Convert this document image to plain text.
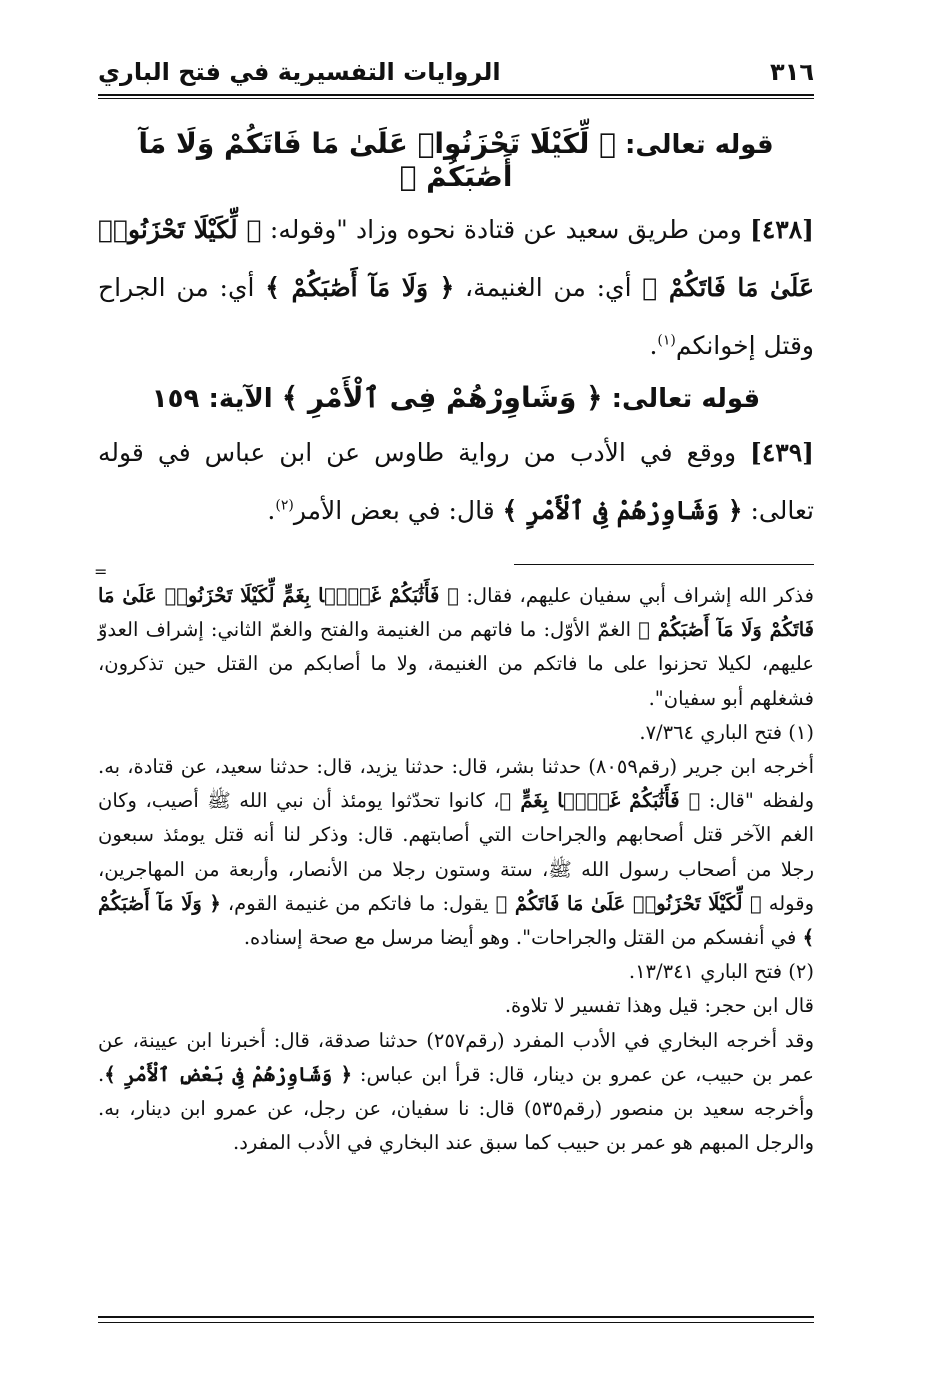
٣١٦
الروايات التفسيرية في فتح الباري

قوله تعالى: ﴿ لِّكَيْلَا تَحْزَنُوا۟ عَلَىٰ مَا فَاتَكُمْ وَلَا مَآ أَصَٰبَكُمْ ﴾

[٤٣٨] ومن طريق سعيد عن قتادة نحوه وزاد "وقوله: ﴿ لِّكَيْلَا تَحْزَنُوا۟ عَلَىٰ مَا فَاتَكُمْ ﴾ أي: من الغنيمة، ﴿ وَلَا مَآ أَصَٰبَكُمْ ﴾ أي: من الجراح وقتل إخوانكم$^{(١)}$.

قوله تعالى: ﴿ وَشَاوِرْهُمْ فِى ٱلْأَمْرِ ﴾ الآية: ١٥٩

[٤٣٩] ووقع في الأدب من رواية طاوس عن ابن عباس في قوله تعالى: ﴿ وَشَاوِرْهُمْ فِى ٱلْأَمْرِ ﴾ قال: في بعض الأمر$^{(٢)}$.

=

فذكر الله إشراف أبي سفيان عليهم، فقال: ﴿ فَأَثَٰبَكُمْ غَمًّۢا بِغَمٍّ لِّكَيْلَا تَحْزَنُوا۟ عَلَىٰ مَا فَاتَكُمْ وَلَا مَآ أَصَٰبَكُمْ ﴾ الغمّ الأوّل: ما فاتهم من الغنيمة والفتح والغمّ الثاني: إشراف العدوّ عليهم، لكيلا تحزنوا على ما فاتكم من الغنيمة، ولا ما أصابكم من القتل حين تذكرون، فشغلهم أبو سفيان".

(١) فتح الباري ٧/٣٦٤.

أخرجه ابن جرير (رقم٨٠٥٩) حدثنا بشر، قال: حدثنا يزيد، قال: حدثنا سعيد، عن قتادة، به. ولفظه "قال: ﴿ فَأَثَٰبَكُمْ غَمًّۢا بِغَمٍّ ﴾، كانوا تحدّثوا يومئذ أن نبي الله ﷺ أصيب، وكان الغم الآخر قتل أصحابهم والجراحات التي أصابتهم. قال: وذكر لنا أنه قتل يومئذ سبعون رجلا من أصحاب رسول الله ﷺ، ستة وستون رجلا من الأنصار، وأربعة من المهاجرين، وقوله ﴿ لِّكَيْلَا تَحْزَنُوا۟ عَلَىٰ مَا فَاتَكُمْ ﴾ يقول: ما فاتكم من غنيمة القوم، ﴿ وَلَا مَآ أَصَٰبَكُمْ ﴾ في أنفسكم من القتل والجراحات". وهو أيضا مرسل مع صحة إسناده.

(٢) فتح الباري ١٣/٣٤١.

قال ابن حجر: قيل وهذا تفسير لا تلاوة.

وقد أخرجه البخاري في الأدب المفرد (رقم٢٥٧) حدثنا صدقة، قال: أخبرنا ابن عيينة، عن عمر بن حبيب، عن عمرو بن دينار، قال: قرأ ابن عباس: ﴿ وَشَاوِرْهُمْ فِى بَعْضِ ٱلْأَمْرِ ﴾. وأخرجه سعيد بن منصور (رقم٥٣٥) قال: نا سفيان، عن رجل، عن عمرو ابن دينار، به. والرجل المبهم هو عمر بن حبيب كما سبق عند البخاري في الأدب المفرد.
